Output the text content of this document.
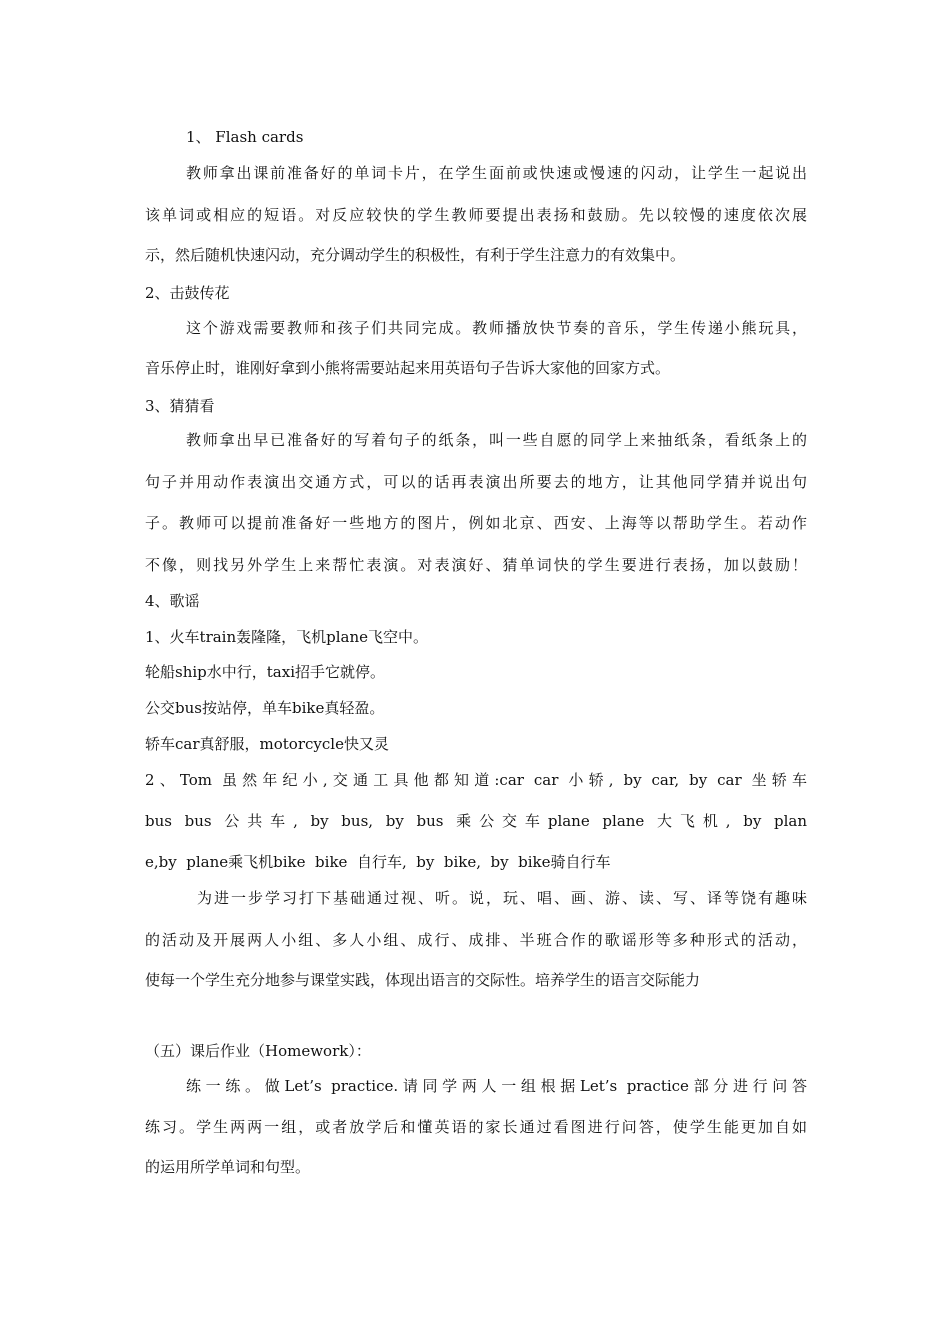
1、 Flash cards
教师拿出课前准备好的单词卡片，在学生面前或快速或慢速的闪动，让学生一起说出
该单词或相应的短语。对反应较快的学生教师要提出表扬和鼓励。先以较慢的速度依次展
示，然后随机快速闪动，充分调动学生的积极性，有利于学生注意力的有效集中。
2、击鼓传花
这个游戏需要教师和孩子们共同完成。教师播放快节奏的音乐，学生传递小熊玩具，
音乐停止时，谁刚好拿到小熊将需要站起来用英语句子告诉大家他的回家方式。
3、猜猜看
教师拿出早已准备好的写着句子的纸条，叫一些自愿的同学上来抽纸条，看纸条上的
句子并用动作表演出交通方式，可以的话再表演出所要去的地方，让其他同学猜并说出句
子。教师可以提前准备好一些地方的图片，例如北京、西安、上海等以帮助学生。若动作
不像，则找另外学生上来帮忙表演。对表演好、猜单词快的学生要进行表扬，加以鼓励！
4、歌谣
1、火车train轰隆隆，飞机plane飞空中。
轮船ship水中行，taxi招手它就停。
公交bus按站停，单车bike真轻盈。
轿车car真舒服，motorcycle快又灵
2、Tom 虽然年纪小,交通工具他都知道:car car 小轿, by car, by car 坐轿车
bus bus 公共车, by bus, by bus 乘公交车plane plane 大飞机, by plan
e,by  plane乘飞机bike  bike  自行车,  by  bike,  by  bike骑自行车
为进一步学习打下基础通过视、听。说，玩、唱、画、游、读、写、译等饶有趣味
的活动及开展两人小组、多人小组、成行、成排、半班合作的歌谣形等多种形式的活动，
使每一个学生充分地参与课堂实践，体现出语言的交际性。培养学生的语言交际能力
（五）课后作业（Homework）：
练一练。做Let’s practice.请同学两人一组根据Let’s practice部分进行问答
练习。学生两两一组，或者放学后和懂英语的家长通过看图进行问答，使学生能更加自如
的运用所学单词和句型。
